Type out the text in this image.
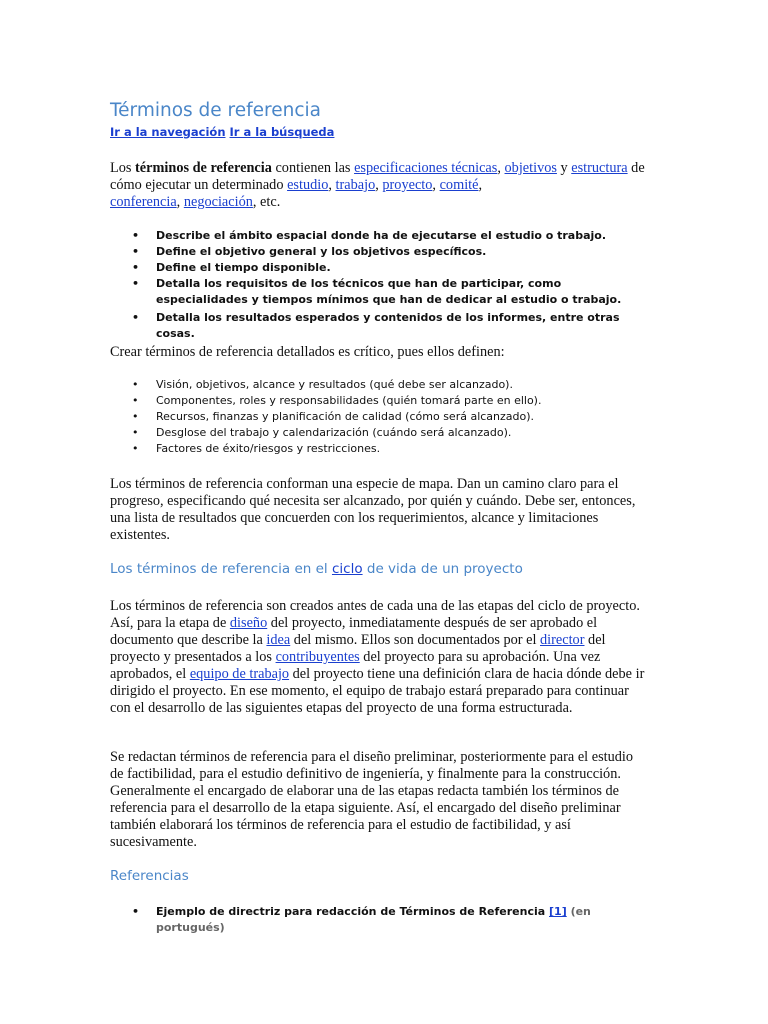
Términos de referencia
Ir a la navegación Ir a la búsqueda

Los términos de referencia contienen las especificaciones técnicas, objetivos y estructura de cómo ejecutar un determinado estudio, trabajo, proyecto, comité,
conferencia, negociación, etc.

• Describe el ámbito espacial donde ha de ejecutarse el estudio o trabajo.
• Define el objetivo general y los objetivos específicos.
• Define el tiempo disponible.
• Detalla los requisitos de los técnicos que han de participar, como especialidades y tiempos mínimos que han de dedicar al estudio o trabajo.
• Detalla los resultados esperados y contenidos de los informes, entre otras cosas.

Crear términos de referencia detallados es crítico, pues ellos definen:

• Visión, objetivos, alcance y resultados (qué debe ser alcanzado).
• Componentes, roles y responsabilidades (quién tomará parte en ello).
• Recursos, finanzas y planificación de calidad (cómo será alcanzado).
• Desglose del trabajo y calendarización (cuándo será alcanzado).
• Factores de éxito/riesgos y restricciones.

Los términos de referencia conforman una especie de mapa. Dan un camino claro para el progreso, especificando qué necesita ser alcanzado, por quién y cuándo. Debe ser, entonces, una lista de resultados que concuerden con los requerimientos, alcance y limitaciones existentes.

Los términos de referencia en el ciclo de vida de un proyecto

Los términos de referencia son creados antes de cada una de las etapas del ciclo de proyecto. Así, para la etapa de diseño del proyecto, inmediatamente después de ser aprobado el documento que describe la idea del mismo. Ellos son documentados por el director del proyecto y presentados a los contribuyentes del proyecto para su aprobación. Una vez aprobados, el equipo de trabajo del proyecto tiene una definición clara de hacia dónde debe ir dirigido el proyecto. En ese momento, el equipo de trabajo estará preparado para continuar con el desarrollo de las siguientes etapas del proyecto de una forma estructurada.

Se redactan términos de referencia para el diseño preliminar, posteriormente para el estudio de factibilidad, para el estudio definitivo de ingeniería, y finalmente para la construcción. Generalmente el encargado de elaborar una de las etapas redacta también los términos de referencia para el desarrollo de la etapa siguiente. Así, el encargado del diseño preliminar también elaborará los términos de referencia para el estudio de factibilidad, y así sucesivamente.

Referencias
• Ejemplo de directriz para redacción de Términos de Referencia [1] (en portugués)
